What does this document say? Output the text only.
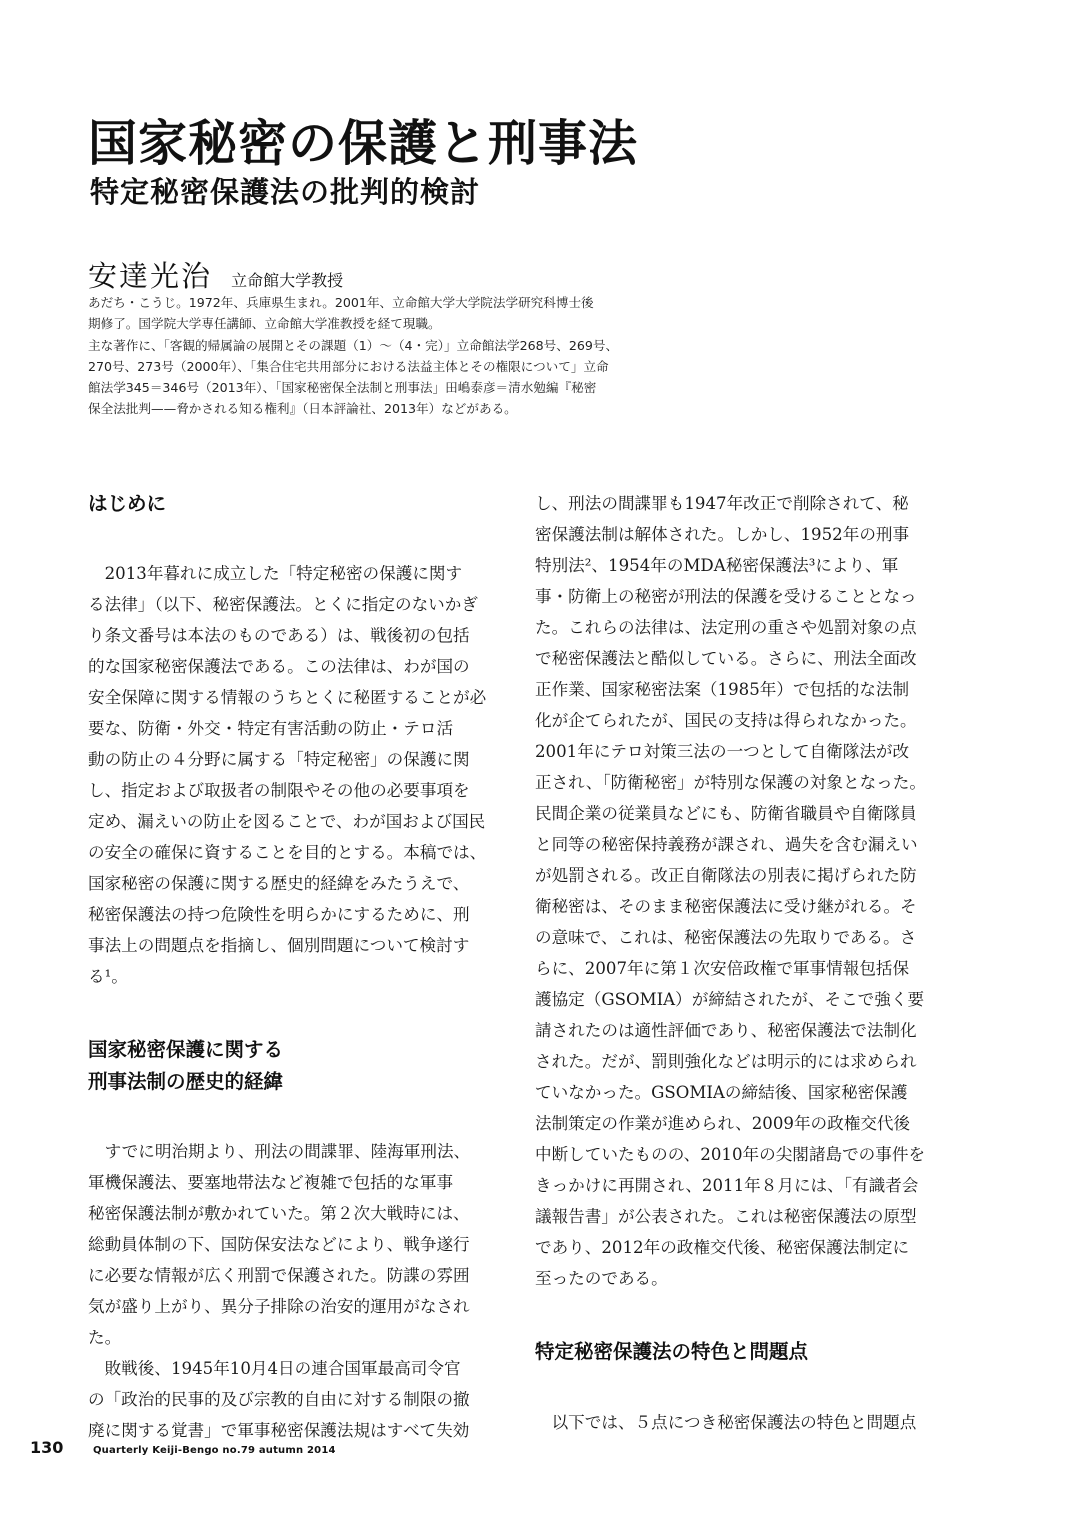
国家秘密の保護と刑事法
特定秘密保護法の批判的検討
安達光治 立命館大学教授
あだち・こうじ。1972年、兵庫県生まれ。2001年、立命館大学大学院法学研究科博士後
期修了。国学院大学専任講師、立命館大学准教授を経て現職。
主な著作に、「客観的帰属論の展開とその課題（1）〜（4・完）」立命館法学268号、269号、
270号、273号（2000年）、「集合住宅共用部分における法益主体とその権限について」立命
館法学345＝346号（2013年）、「国家秘密保全法制と刑事法」田嶋泰彦＝清水勉編『秘密
保全法批判——脅かされる知る権利』（日本評論社、2013年）などがある。
はじめに
　2013年暮れに成立した「特定秘密の保護に関す
る法律」（以下、秘密保護法。とくに指定のないかぎ
り条文番号は本法のものである）は、戦後初の包括
的な国家秘密保護法である。この法律は、わが国の
安全保障に関する情報のうちとくに秘匿することが必
要な、防衛・外交・特定有害活動の防止・テロ活
動の防止の４分野に属する「特定秘密」の保護に関
し、指定および取扱者の制限やその他の必要事項を
定め、漏えいの防止を図ることで、わが国および国民
の安全の確保に資することを目的とする。本稿では、
国家秘密の保護に関する歴史的経緯をみたうえで、
秘密保護法の持つ危険性を明らかにするために、刑
事法上の問題点を指摘し、個別問題について検討す
る¹。
国家秘密保護に関する
刑事法制の歴史的経緯
　すでに明治期より、刑法の間諜罪、陸海軍刑法、
軍機保護法、要塞地帯法など複雑で包括的な軍事
秘密保護法制が敷かれていた。第２次大戦時には、
総動員体制の下、国防保安法などにより、戦争遂行
に必要な情報が広く刑罰で保護された。防諜の雰囲
気が盛り上がり、異分子排除の治安的運用がなされ
た。
　敗戦後、1945年10月4日の連合国軍最高司令官
の「政治的民事的及び宗教的自由に対する制限の撤
廃に関する覚書」で軍事秘密保護法規はすべて失効
し、刑法の間諜罪も1947年改正で削除されて、秘
密保護法制は解体された。しかし、1952年の刑事
特別法²、1954年のMDA秘密保護法³により、軍
事・防衛上の秘密が刑法的保護を受けることとなっ
た。これらの法律は、法定刑の重さや処罰対象の点
で秘密保護法と酷似している。さらに、刑法全面改
正作業、国家秘密法案（1985年）で包括的な法制
化が企てられたが、国民の支持は得られなかった。
2001年にテロ対策三法の一つとして自衛隊法が改
正され、「防衛秘密」が特別な保護の対象となった。
民間企業の従業員などにも、防衛省職員や自衛隊員
と同等の秘密保持義務が課され、過失を含む漏えい
が処罰される。改正自衛隊法の別表に掲げられた防
衛秘密は、そのまま秘密保護法に受け継がれる。そ
の意味で、これは、秘密保護法の先取りである。さ
らに、2007年に第１次安倍政権で軍事情報包括保
護協定（GSOMIA）が締結されたが、そこで強く要
請されたのは適性評価であり、秘密保護法で法制化
された。だが、罰則強化などは明示的には求められ
ていなかった。GSOMIAの締結後、国家秘密保護
法制策定の作業が進められ、2009年の政権交代後
中断していたものの、2010年の尖閣諸島での事件を
きっかけに再開され、2011年８月には、「有識者会
議報告書」が公表された。これは秘密保護法の原型
であり、2012年の政権交代後、秘密保護法制定に
至ったのである。
特定秘密保護法の特色と問題点
　以下では、５点につき秘密保護法の特色と問題点
130	Quarterly Keiji-Bengo no.79 autumn 2014
